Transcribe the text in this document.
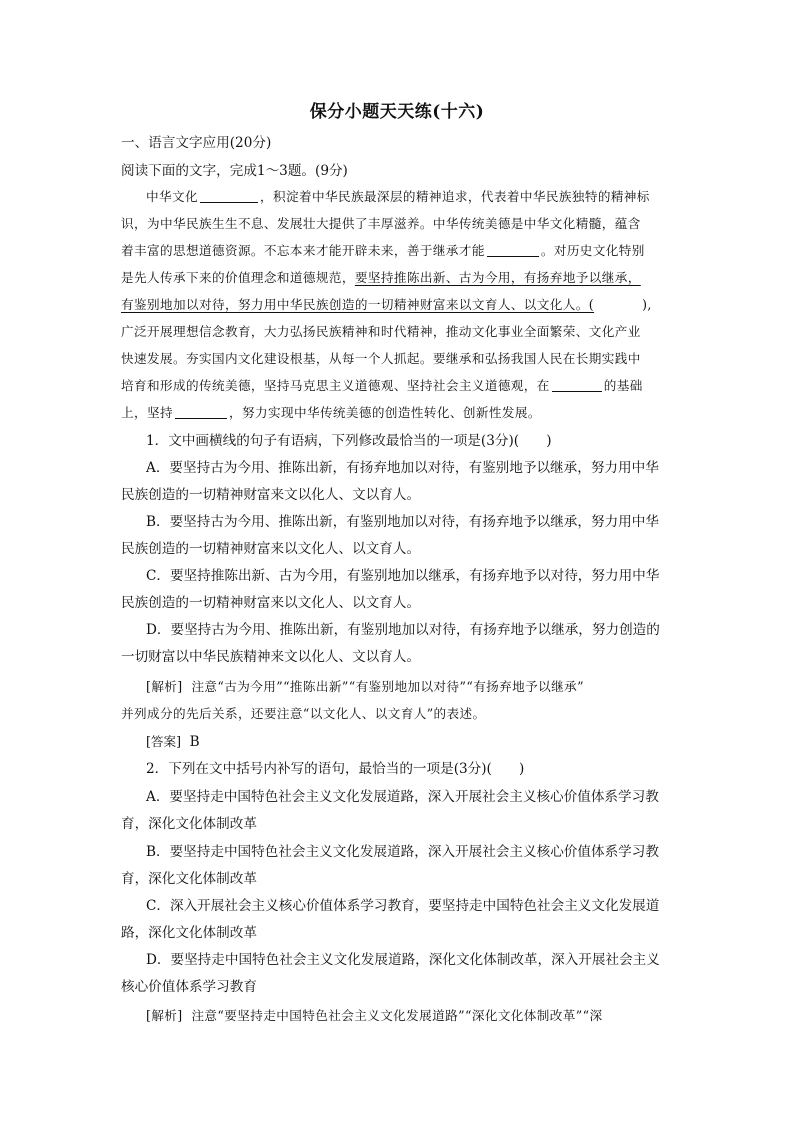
保分小题天天练(十六)
一、语言文字应用(20分)
阅读下面的文字，完成1～3题。(9分)
中华文化	，积淀着中华民族最深层的精神追求，代表着中华民族独特的精神标
识，为中华民族生生不息、发展壮大提供了丰厚滋养。中华传统美德是中华文化精髓，蕴含
着丰富的思想道德资源。不忘本来才能开辟未来，善于继承才能	。对历史文化特别
是先人传承下来的价值理念和道德规范，要坚持推陈出新、古为今用，有扬弃地予以继承，
有鉴别地加以对待，努力用中华民族创造的一切精神财富来以文育人、以文化人。(	),
广泛开展理想信念教育，大力弘扬民族精神和时代精神，推动文化事业全面繁荣、文化产业
快速发展。夯实国内文化建设根基，从每一个人抓起。要继承和弘扬我国人民在长期实践中
培育和形成的传统美德，坚持马克思主义道德观、坚持社会主义道德观，在	的基础
上，坚持	，努力实现中华传统美德的创造性转化、创新性发展。
1．文中画横线的句子有语病，下列修改最恰当的一项是(3分)(　　)
A．要坚持古为今用、推陈出新，有扬弃地加以对待，有鉴别地予以继承，努力用中华
民族创造的一切精神财富来文以化人、文以育人。
B．要坚持古为今用、推陈出新，有鉴别地加以对待，有扬弃地予以继承，努力用中华
民族创造的一切精神财富来以文化人、以文育人。
C．要坚持推陈出新、古为今用，有鉴别地加以继承，有扬弃地予以对待，努力用中华
民族创造的一切精神财富来以文化人、以文育人。
D．要坚持古为今用、推陈出新，有鉴别地加以对待，有扬弃地予以继承，努力创造的
一切财富以中华民族精神来文以化人、文以育人。
[解析] 注意“古为今用”“推陈出新”“有鉴别地加以对待”“有扬弃地予以继承”
并列成分的先后关系，还要注意“以文化人、以文育人”的表述。
[答案] B
2．下列在文中括号内补写的语句，最恰当的一项是(3分)(　　)
A．要坚持走中国特色社会主义文化发展道路，深入开展社会主义核心价值体系学习教
育，深化文化体制改革
B．要坚持走中国特色社会主义文化发展道路，深入开展社会主义核心价值体系学习教
育，深化文化体制改革
C．深入开展社会主义核心价值体系学习教育，要坚持走中国特色社会主义文化发展道
路，深化文化体制改革
D．要坚持走中国特色社会主义文化发展道路，深化文化体制改革，深入开展社会主义
核心价值体系学习教育
[解析] 注意“要坚持走中国特色社会主义文化发展道路”“深化文化体制改革”“深
